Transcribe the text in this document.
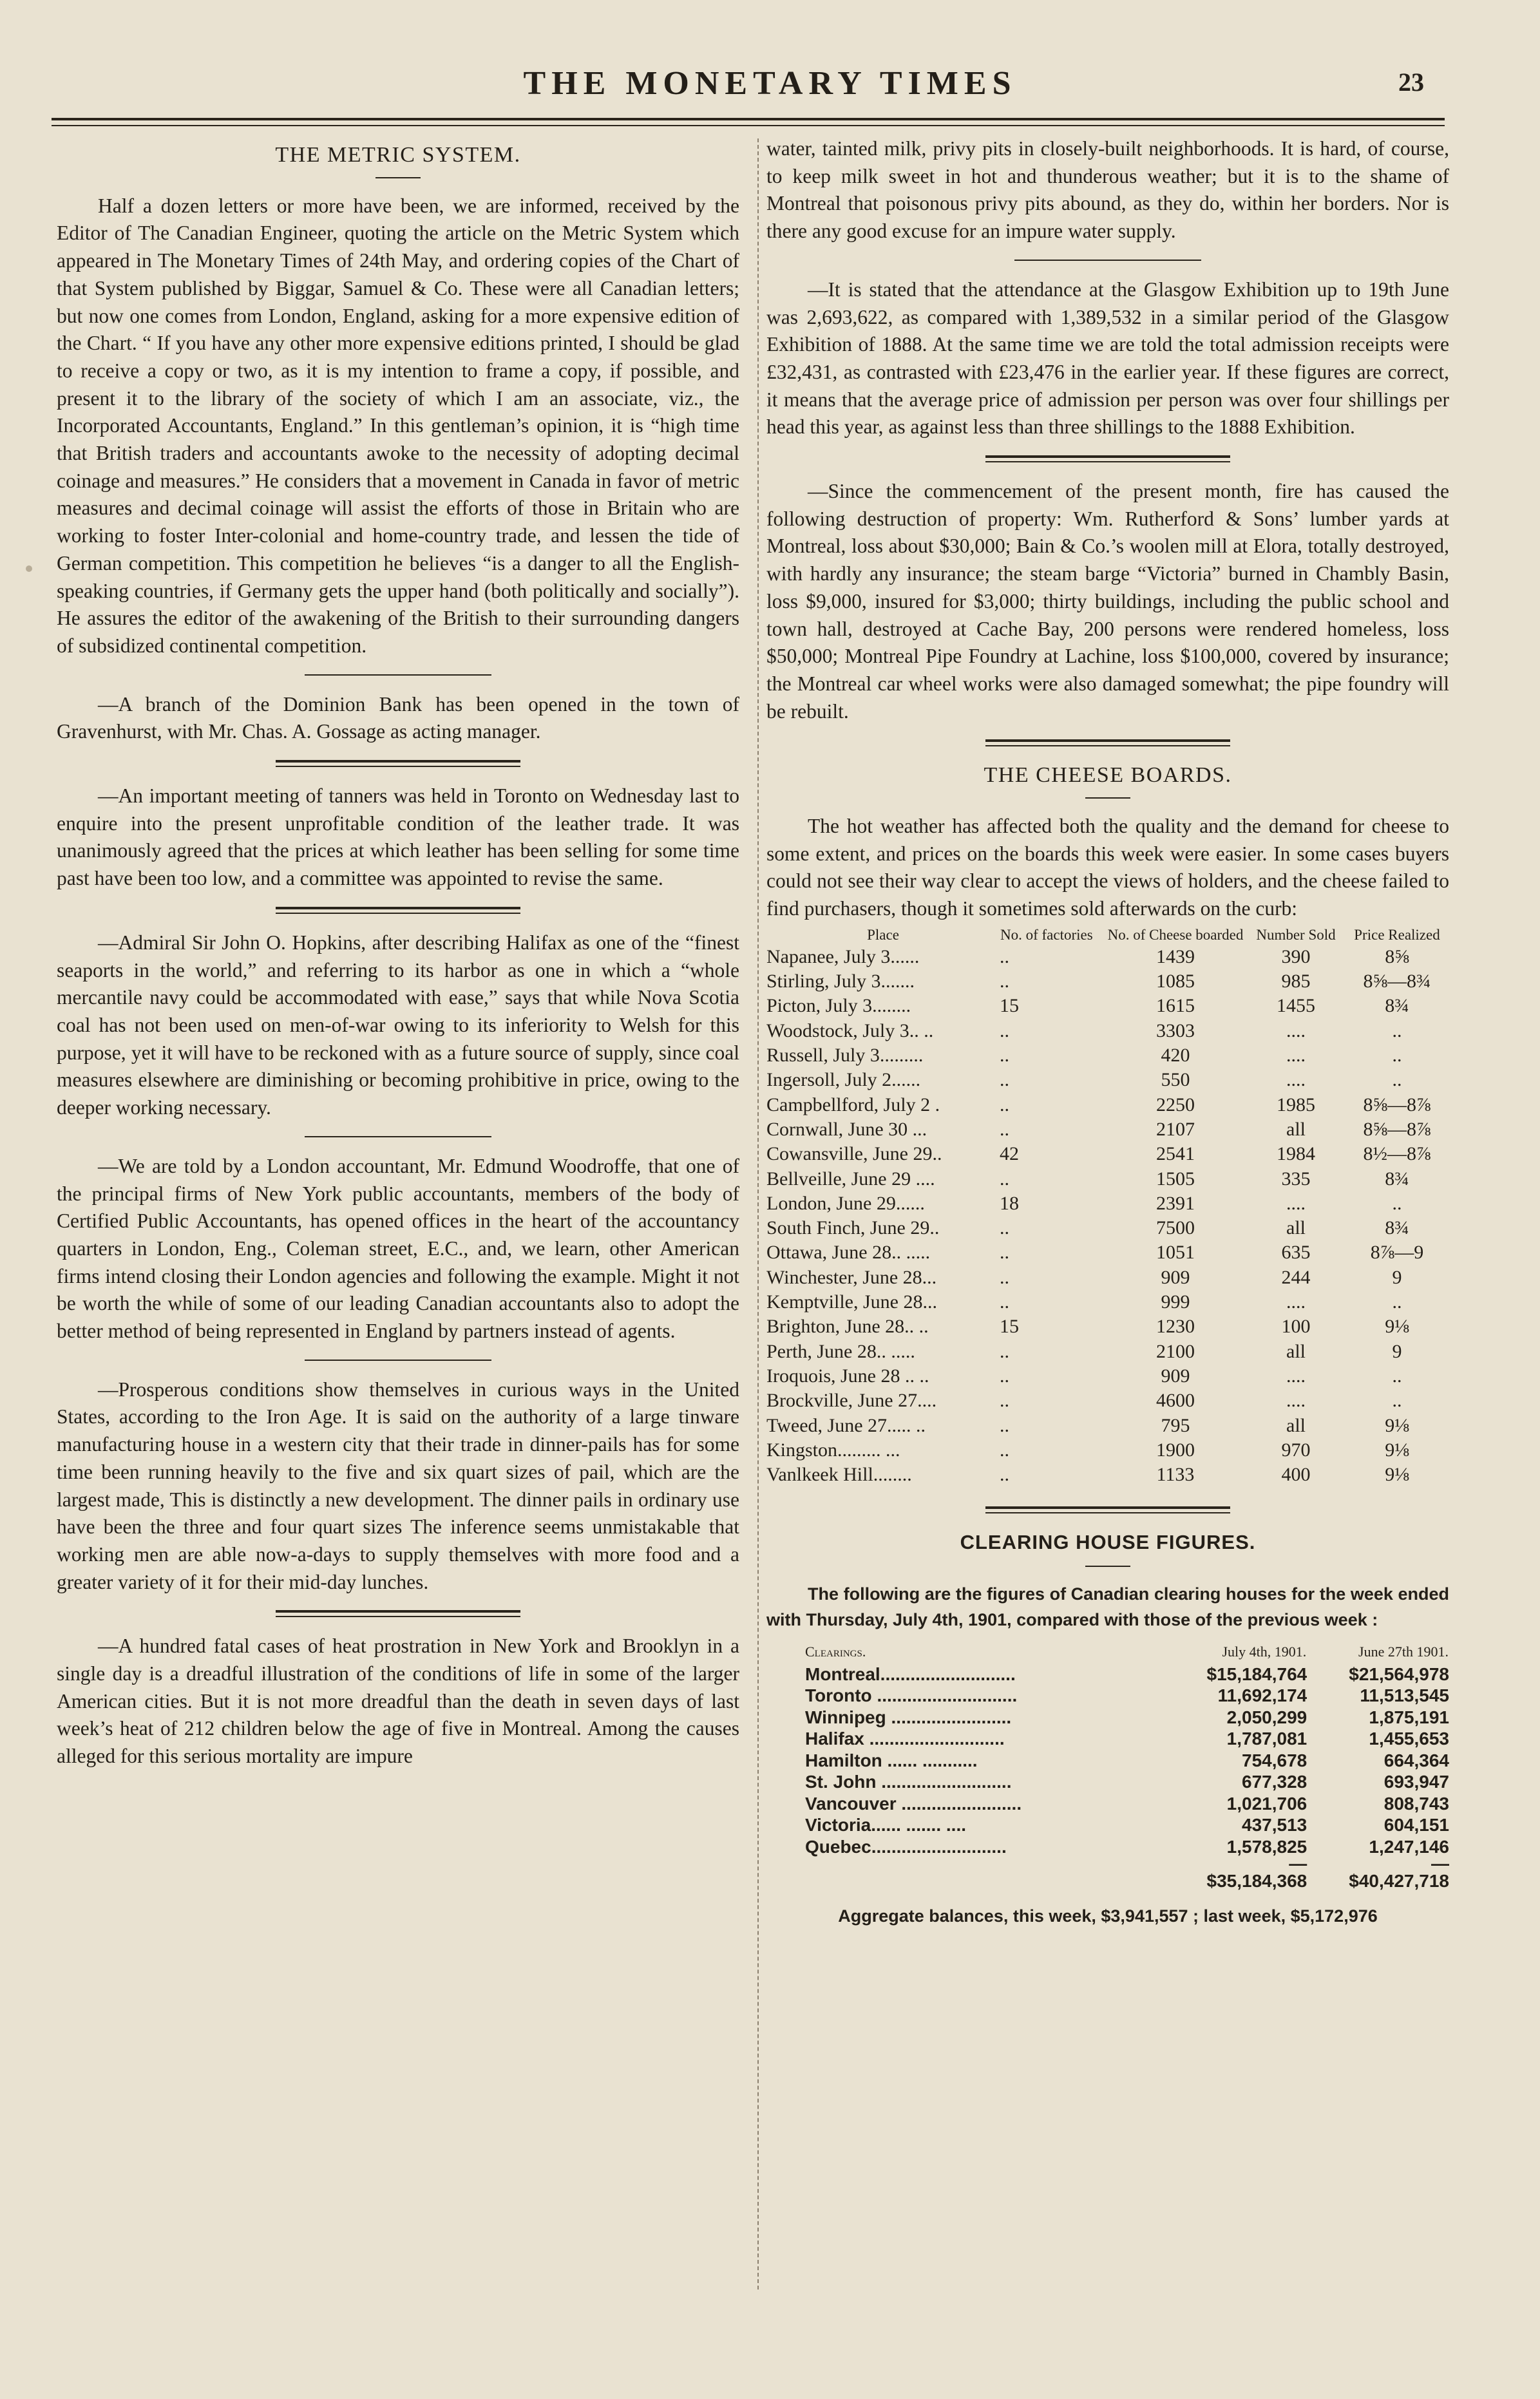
THE MONETARY TIMES	23
THE METRIC SYSTEM.

Half a dozen letters or more have been, we are informed, received by the Editor of The Canadian Engineer, quoting the article on the Metric System which appeared in The Monetary Times of 24th May, and ordering copies of the Chart of that System published by Biggar, Samuel & Co. These were all Canadian letters; but now one comes from London, England, asking for a more expensive edition of the Chart. “ If you have any other more expensive editions printed, I should be glad to receive a copy or two, as it is my intention to frame a copy, if possible, and present it to the library of the society of which I am an associate, viz., the Incorporated Accountants, England.” In this gentleman’s opinion, it is “high time that British traders and accountants awoke to the necessity of adopting decimal coinage and measures.” He considers that a movement in Canada in favor of metric measures and decimal coinage will assist the efforts of those in Britain who are working to foster Inter-colonial and home-country trade, and lessen the tide of German competition. This competition he believes “is a danger to all the English-speaking countries, if Germany gets the upper hand (both politically and socially”). He assures the editor of the awakening of the British to their surrounding dangers of subsidized continental competition.

—A branch of the Dominion Bank has been opened in the town of Gravenhurst, with Mr. Chas. A. Gossage as acting manager.

—An important meeting of tanners was held in Toronto on Wednesday last to enquire into the present unprofitable condition of the leather trade. It was unanimously agreed that the prices at which leather has been selling for some time past have been too low, and a committee was appointed to revise the same.

—Admiral Sir John O. Hopkins, after describing Halifax as one of the “finest seaports in the world,” and referring to its harbor as one in which a “whole mercantile navy could be accommodated with ease,” says that while Nova Scotia coal has not been used on men-of-war owing to its inferiority to Welsh for this purpose, yet it will have to be reckoned with as a future source of supply, since coal measures elsewhere are diminishing or becoming prohibitive in price, owing to the deeper working necessary.

—We are told by a London accountant, Mr. Edmund Woodroffe, that one of the principal firms of New York public accountants, members of the body of Certified Public Accountants, has opened offices in the heart of the accountancy quarters in London, Eng., Coleman street, E.C., and, we learn, other American firms intend closing their London agencies and following the example. Might it not be worth the while of some of our leading Canadian accountants also to adopt the better method of being represented in England by partners instead of agents.

—Prosperous conditions show themselves in curious ways in the United States, according to the Iron Age. It is said on the authority of a large tinware manufacturing house in a western city that their trade in dinner-pails has for some time been running heavily to the five and six quart sizes of pail, which are the largest made, This is distinctly a new development. The dinner pails in ordinary use have been the three and four quart sizes The inference seems unmistakable that working men are able now-a-days to supply themselves with more food and a greater variety of it for their mid-day lunches.

—A hundred fatal cases of heat prostration in New York and Brooklyn in a single day is a dreadful illustration of the conditions of life in some of the larger American cities. But it is not more dreadful than the death in seven days of last week’s heat of 212 children below the age of five in Montreal. Among the causes alleged for this serious mortality are impure

water, tainted milk, privy pits in closely-built neighborhoods. It is hard, of course, to keep milk sweet in hot and thunderous weather; but it is to the shame of Montreal that poisonous privy pits abound, as they do, within her borders. Nor is there any good excuse for an impure water supply.

—It is stated that the attendance at the Glasgow Exhibition up to 19th June was 2,693,622, as compared with 1,389,532 in a similar period of the Glasgow Exhibition of 1888. At the same time we are told the total admission receipts were £32,431, as contrasted with £23,476 in the earlier year. If these figures are correct, it means that the average price of admission per person was over four shillings per head this year, as against less than three shillings to the 1888 Exhibition.

—Since the commencement of the present month, fire has caused the following destruction of property: Wm. Rutherford & Sons’ lumber yards at Montreal, loss about $30,000; Bain & Co.’s woolen mill at Elora, totally destroyed, with hardly any insurance; the steam barge “Victoria” burned in Chambly Basin, loss $9,000, insured for $3,000; thirty buildings, including the public school and town hall, destroyed at Cache Bay, 200 persons were rendered homeless, loss $50,000; Montreal Pipe Foundry at Lachine, loss $100,000, covered by insurance; the Montreal car wheel works were also damaged somewhat; the pipe foundry will be rebuilt.

THE CHEESE BOARDS.

The hot weather has affected both the quality and the demand for cheese to some extent, and prices on the boards this week were easier. In some cases buyers could not see their way clear to accept the views of holders, and the cheese failed to find purchasers, though it sometimes sold afterwards on the curb:

Place	No. of factories	No. of Cheese boarded	Number Sold	Price Realized
Napanee, July 3......	..	1439	390	8⅝
Stirling, July 3.......	..	1085	985	8⅝—8¾
Picton, July 3........	15	1615	1455	8¾
Woodstock, July 3.. ..	..	3303	....	..
Russell, July 3.........	..	420	....	..
Ingersoll, July 2......	..	550	....	..
Campbellford, July 2 .	..	2250	1985	8⅝—8⅞
Cornwall, June 30 ...	..	2107	all	8⅝—8⅞
Cowansville, June 29..	42	2541	1984	8½—8⅞
Bellveille, June 29 ....	..	1505	335	8¾
London, June 29......	18	2391	....	..
South Finch, June 29..	..	7500	all	8¾
Ottawa, June 28.. .....	..	1051	635	8⅞—9
Winchester, June 28...	..	909	244	9
Kemptville, June 28...	..	999	....	..
Brighton, June 28.. ..	15	1230	100	9⅛
Perth, June 28.. .....	..	2100	all	9
Iroquois, June 28 .. ..	..	909	....	..
Brockville, June 27....	..	4600	....	..
Tweed, June 27..... ..	..	795	all	9⅛
Kingston......... ...	..	1900	970	9⅛
Vanlkeek Hill........	..	1133	400	9⅛
CLEARING HOUSE FIGURES.

The following are the figures of Canadian clearing houses for the week ended with Thursday, July 4th, 1901, compared with those of the previous week :

Clearings.	July 4th, 1901.	June 27th 1901.
Montreal...........................	$15,184,764	$21,564,978
Toronto ............................	11,692,174	11,513,545
Winnipeg ........................	2,050,299	1,875,191
Halifax ...........................	1,787,081	1,455,653
Hamilton ...... ...........	754,678	664,364
St. John ..........................	677,328	693,947
Vancouver ........................	1,021,706	808,743
Victoria...... ....... ....	437,513	604,151
Quebec...........................	1,578,825	1,247,146
	—	—
	$35,184,368	$40,427,718
Aggregate balances, this week, $3,941,557 ; last week, $5,172,976
